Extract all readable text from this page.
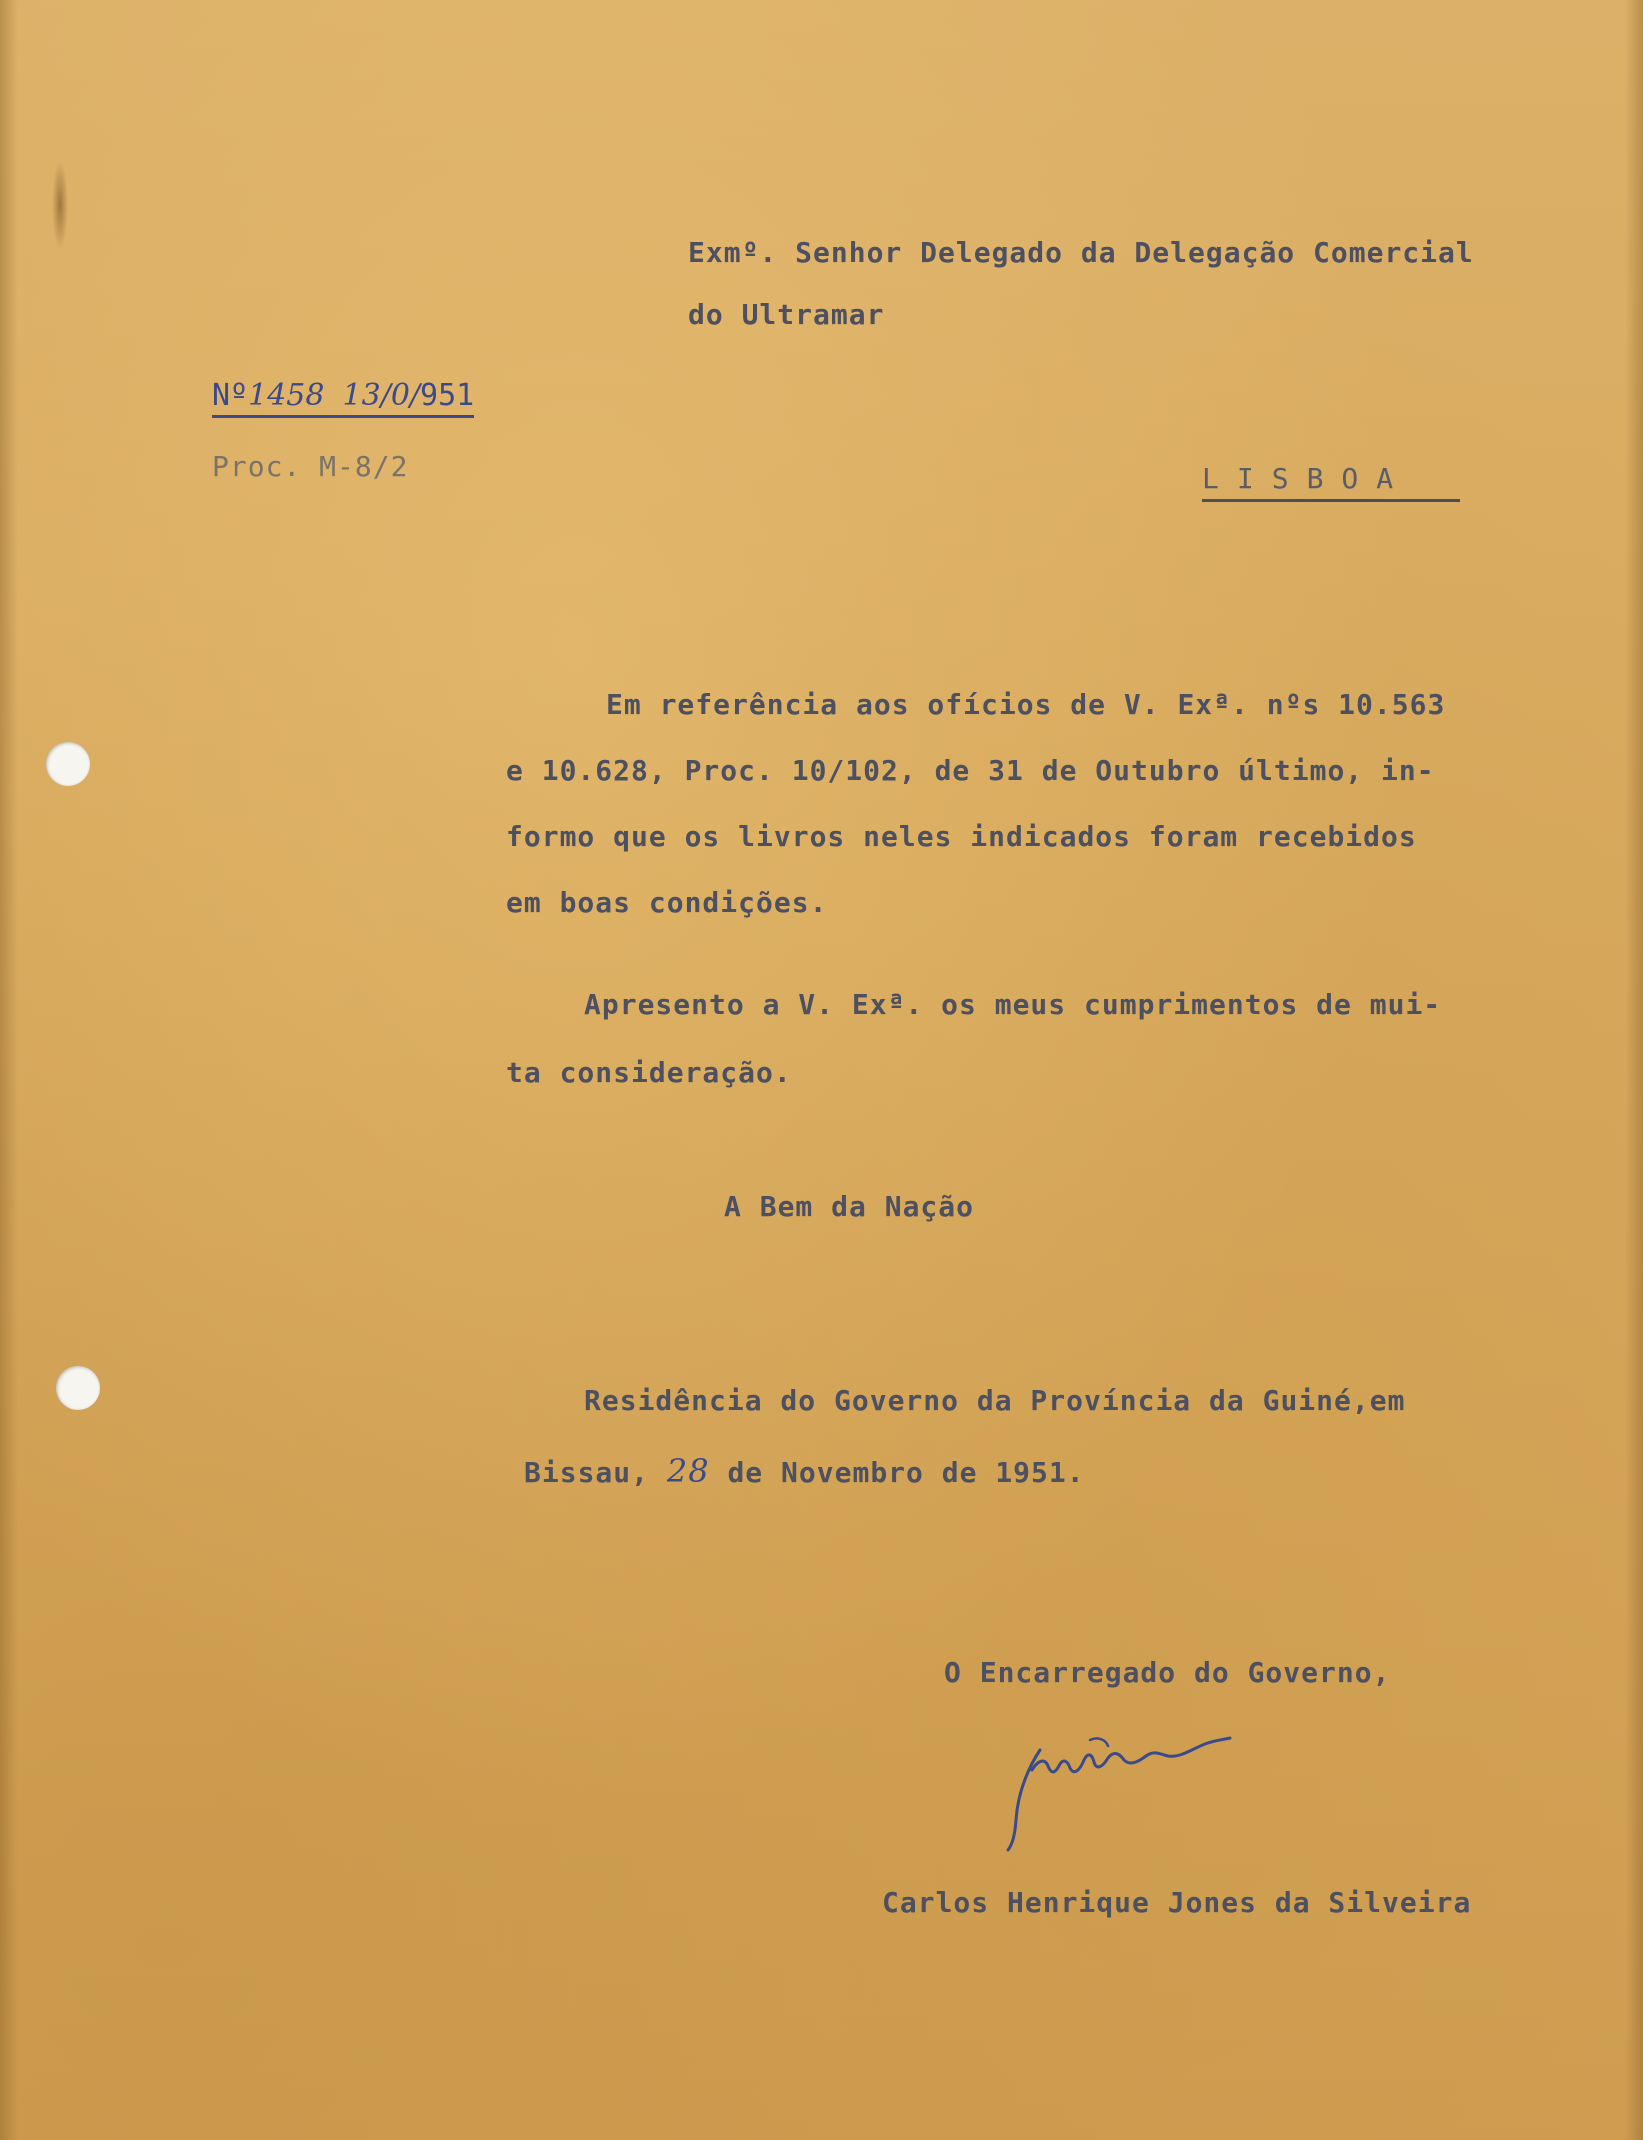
Exmº. Senhor Delegado da Delegação Comercial
do Ultramar
Nº1458 13/0/951
Proc. M-8/2	LISBOA
Em referência aos ofícios de V. Exª. nºs 10.563
e 10.628, Proc. 10/102, de 31 de Outubro último, in-
formo que os livros neles indicados foram recebidos
em boas condições.
Apresento a V. Exª. os meus cumprimentos de mui-
ta consideração.
A Bem da Nação
Residência do Governo da Província da Guiné,em
Bissau, 28 de Novembro de 1951.
O Encarregado do Governo,
Carlos Henrique Jones da Silveira
